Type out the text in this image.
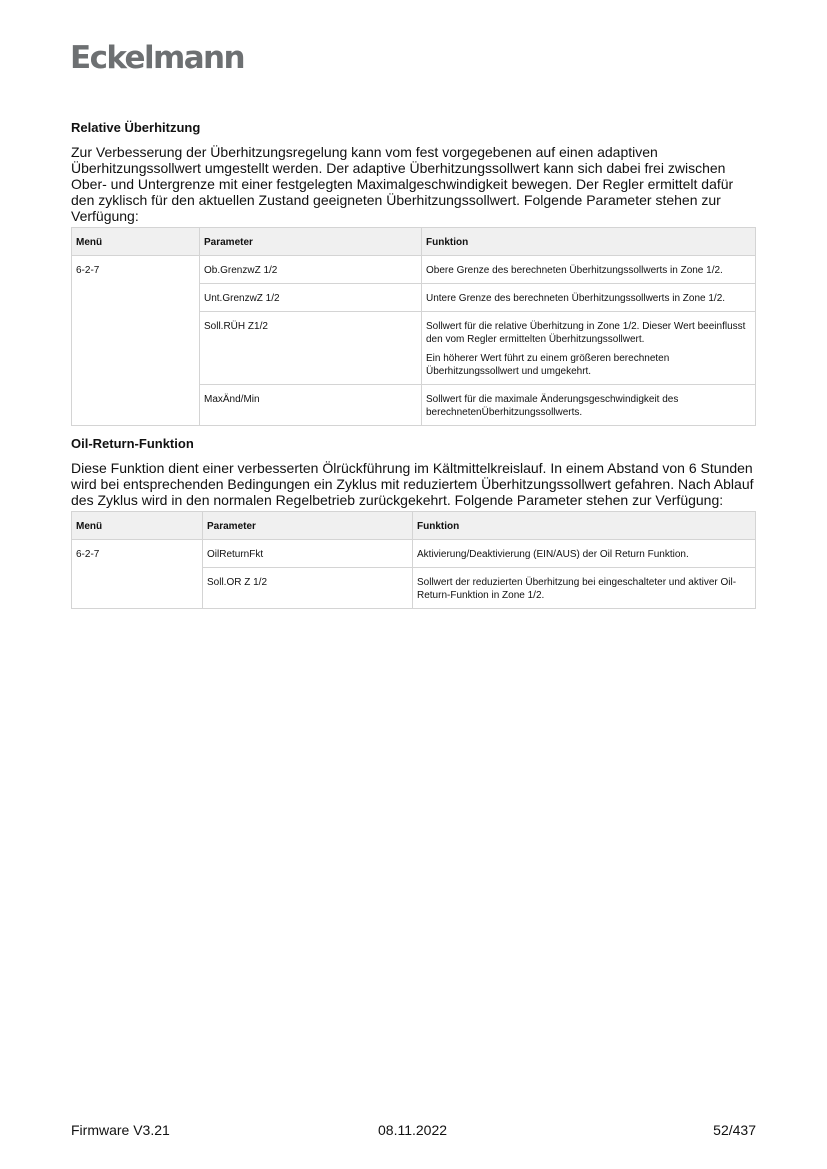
Eckelmann
Relative Überhitzung

Zur Verbesserung der Überhitzungsregelung kann vom fest vorgegebenen auf einen adaptiven Überhitzungssollwert umgestellt werden. Der adaptive Überhitzungssollwert kann sich dabei frei zwischen Ober- und Untergrenze mit einer festgelegten Maximalgeschwindigkeit bewegen. Der Regler ermittelt dafür den zyklisch für den aktuellen Zustand geeigneten Überhitzungssollwert. Folgende Parameter stehen zur Verfügung:

Menü	Parameter	Funktion
6-2-7	Ob.GrenzwZ 1/2	Obere Grenze des berechneten Überhitzungssollwerts in Zone 1/2.

	Unt.GrenzwZ 1/2	Untere Grenze des berechneten Überhitzungssollwerts in Zone 1/2.

	Soll.RÜH Z1/2	Sollwert für die relative Überhitzung in Zone 1/2. Dieser Wert beeinflusst den vom Regler ermittelten Überhitzungssollwert.

Ein höherer Wert führt zu einem größeren berechneten Überhitzungssollwert und umgekehrt.

	MaxÄnd/Min	Sollwert für die maximale Änderungsgeschwindigkeit des berechnetenÜberhitzungssollwerts.

Oil-Return-Funktion

Diese Funktion dient einer verbesserten Ölrückführung im Kältmittelkreislauf. In einem Abstand von 6 Stunden wird bei entsprechenden Bedingungen ein Zyklus mit reduziertem Überhitzungssollwert gefahren. Nach Ablauf des Zyklus wird in den normalen Regelbetrieb zurückgekehrt. Folgende Parameter stehen zur Verfügung:

Menü	Parameter	Funktion
6-2-7	OilReturnFkt	Aktivierung/Deaktivierung (EIN/AUS) der Oil Return Funktion.

	Soll.OR Z 1/2	Sollwert der reduzierten Überhitzung bei eingeschalteter und aktiver Oil-Return-Funktion in Zone 1/2.

Firmware V3.21	08.11.2022	52/437
